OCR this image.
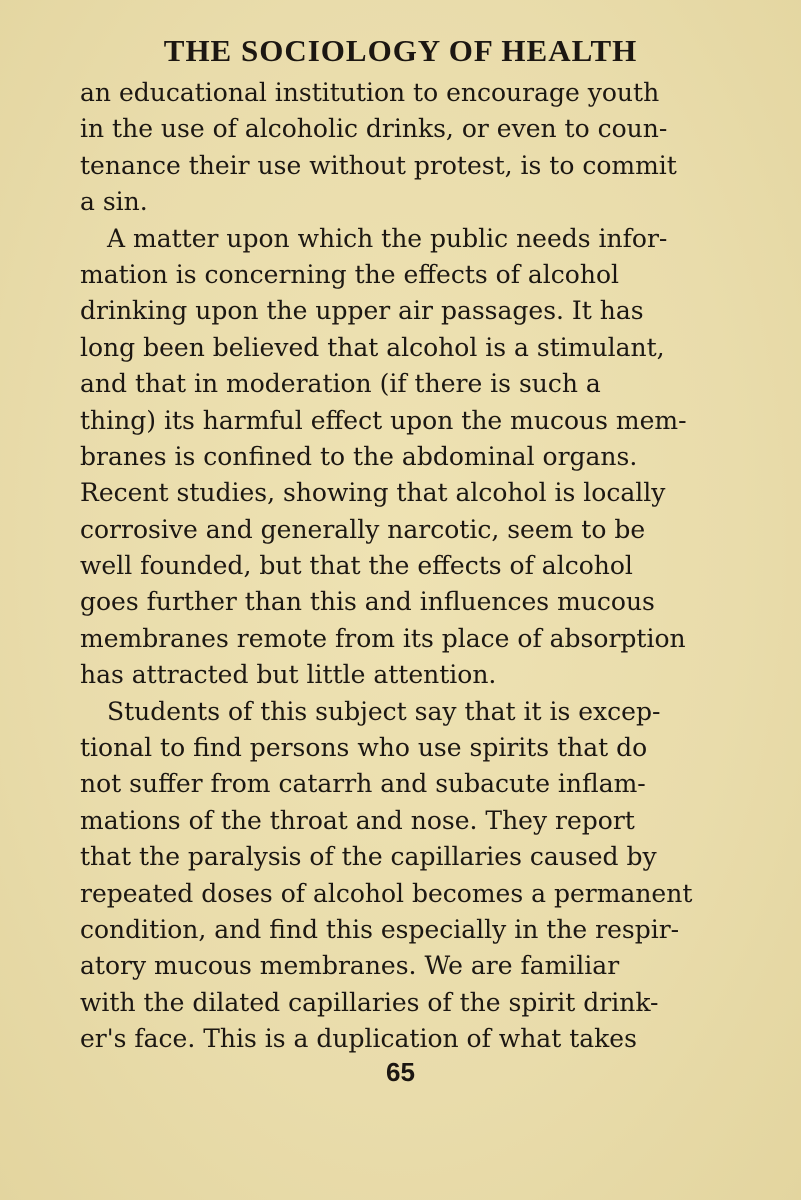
THE SOCIOLOGY OF HEALTH
an educational institution to encourage youth
in the use of alcoholic drinks, or even to coun-
tenance their use without protest, is to commit
a sin.
A matter upon which the public needs infor-
mation is concerning the effects of alcohol
drinking upon the upper air passages. It has
long been believed that alcohol is a stimulant,
and that in moderation (if there is such a
thing) its harmful effect upon the mucous mem-
branes is confined to the abdominal organs.
Recent studies, showing that alcohol is locally
corrosive and generally narcotic, seem to be
well founded, but that the effects of alcohol
goes further than this and influences mucous
membranes remote from its place of absorption
has attracted but little attention.
Students of this subject say that it is excep-
tional to find persons who use spirits that do
not suffer from catarrh and subacute inflam-
mations of the throat and nose. They report
that the paralysis of the capillaries caused by
repeated doses of alcohol becomes a permanent
condition, and find this especially in the respir-
atory mucous membranes. We are familiar
with the dilated capillaries of the spirit drink-
er's face. This is a duplication of what takes
65
